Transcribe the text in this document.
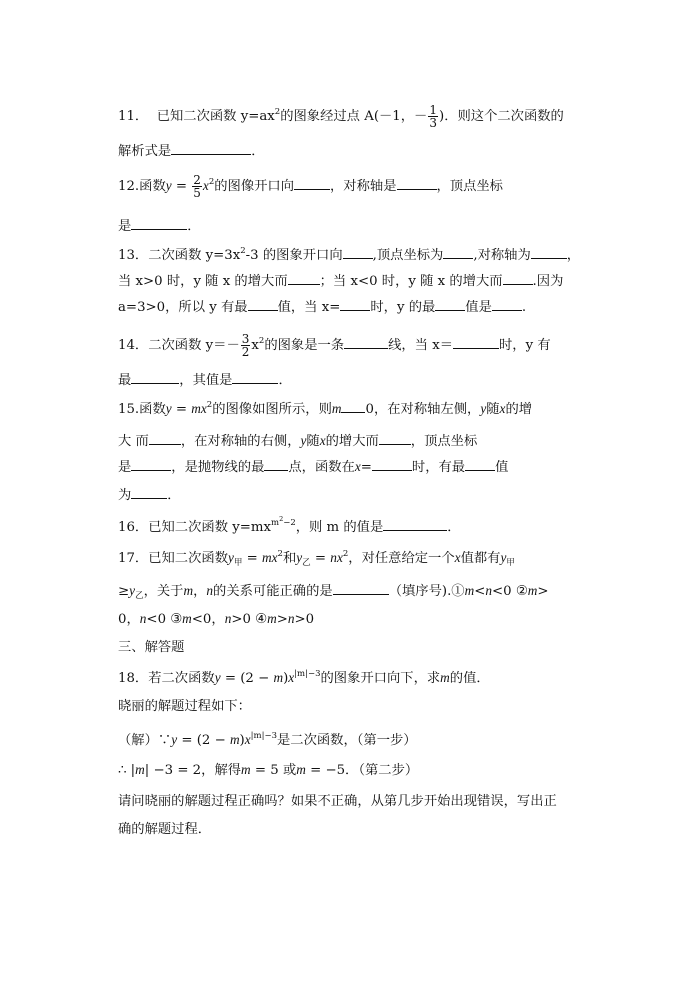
11． 已知二次函数 $y=ax^2$的图象经过点 A(－1，－ $\frac{1}{3}$ )．则这个二次函数的
解析式是	．
12.函数$y = \frac{2}{5} x^2$的图像开口向	，对称轴是	，顶点坐标
是	．
13．二次函数 $y=3x^2-3$ 的图象开口向 ,顶点坐标为 ,对称轴为	，
当 x>0 时，y 随 x 的增大而 ；当 x<0 时，y 随 x 的增大而 .因为
a=3>0，所以 y 有最 值，当 x= 时，y 的最 值是 .
14．二次函数 $y=- \frac{3}{2} x^2$的图象是一条	线，当 x＝	时，y 有
最	，其值是	．
15.函数$y = mx^2$的图像如图所示，则m 0，在对称轴左侧，y随x的增
大 而 ，在对称轴的右侧，y随x的增大而 ，顶点坐标
是	，是抛物线的最 点，函数在x=	时，有最 值
为	．
16．已知二次函数 $y=mx^{m^2-2}$，则 m 的值是	．
17．已知二次函数$y_甲 = mx^2$和$y_乙 = nx^2$，对任意给定一个x值都有$y_甲$
$\ge y_乙$，关于m，n的关系可能正确的是	（填序号).①m<n<0 ②m>
0，n<0 ③m<0，n>0 ④m>n>0
三、解答题
18．若二次函数$y = (2 - m)x^{|m|-3}$的图象开口向下，求m的值．
晓丽的解题过程如下：
（解）∵y = $(2 - m)x^{|m|-3}$是二次函数，（第一步）
∴ |m| −3 = 2，解得m = 5 或m = −5．（第二步）
请问晓丽的解题过程正确吗？如果不正确，从第几步开始出现错误，写出正
确的解题过程．
